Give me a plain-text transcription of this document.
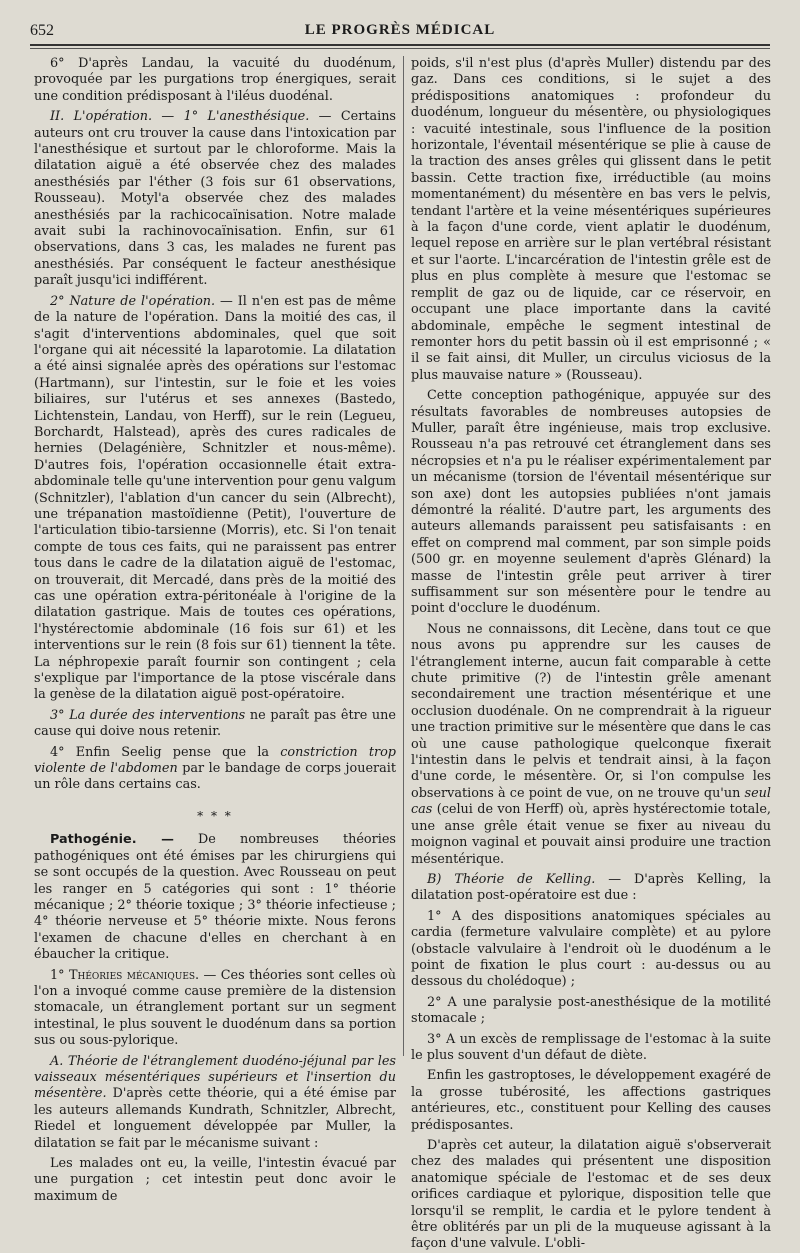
652	LE PROGRÈS MÉDICAL

6° D'après Landau, la vacuité du duodénum, provoquée par les purgations trop énergiques, serait une condition prédisposant à l'iléus duodénal.

II. L'opération. — 1° L'anesthésique. — Certains auteurs ont cru trouver la cause dans l'intoxication par l'anesthésique et surtout par le chloroforme. Mais la dilatation aiguë a été observée chez des malades anesthésiés par l'éther (3 fois sur 61 observations, Rousseau). Motyl'a observée chez des malades anesthésiés par la rachicocaïnisation. Notre malade avait subi la rachinovocaïnisation. Enfin, sur 61 observations, dans 3 cas, les malades ne furent pas anesthésiés. Par conséquent le facteur anesthésique paraît jusqu'ici indifférent.

2° Nature de l'opération. — Il n'en est pas de même de la nature de l'opération. Dans la moitié des cas, il s'agit d'interventions abdominales, quel que soit l'organe qui ait nécessité la laparotomie. La dilatation a été ainsi signalée après des opérations sur l'estomac (Hartmann), sur l'intestin, sur le foie et les voies biliaires, sur l'utérus et ses annexes (Bastedo, Lichtenstein, Landau, von Herff), sur le rein (Legueu, Borchardt, Halstead), après des cures radicales de hernies (Delagénière, Schnitzler et nous-même). D'autres fois, l'opération occasionnelle était extra-abdominale telle qu'une intervention pour genu valgum (Schnitzler), l'ablation d'un cancer du sein (Albrecht), une trépanation mastoïdienne (Petit), l'ouverture de l'articulation tibio-tarsienne (Morris), etc. Si l'on tenait compte de tous ces faits, qui ne paraissent pas entrer tous dans le cadre de la dilatation aiguë de l'estomac, on trouverait, dit Mercadé, dans près de la moitié des cas une opération extra-péritonéale à l'origine de la dilatation gastrique. Mais de toutes ces opérations, l'hystérectomie abdominale (16 fois sur 61) et les interventions sur le rein (8 fois sur 61) tiennent la tête. La néphropexie paraît fournir son contingent ; cela s'explique par l'importance de la ptose viscérale dans la genèse de la dilatation aiguë post-opératoire.

3° La durée des interventions ne paraît pas être une cause qui doive nous retenir.

4° Enfin Seelig pense que la constriction trop violente de l'abdomen par le bandage de corps jouerait un rôle dans certains cas.

* * *

Pathogénie. — De nombreuses théories pathogéniques ont été émises par les chirurgiens qui se sont occupés de la question. Avec Rousseau on peut les ranger en 5 catégories qui sont : 1° théorie mécanique ; 2° théorie toxique ; 3° théorie infectieuse ; 4° théorie nerveuse et 5° théorie mixte. Nous ferons l'examen de chacune d'elles en cherchant à en ébaucher la critique.

1° Théories mécaniques. — Ces théories sont celles où l'on a invoqué comme cause première de la distension stomacale, un étranglement portant sur un segment intestinal, le plus souvent le duodénum dans sa portion sus ou sous-pylorique.

A. Théorie de l'étranglement duodéno-jéjunal par les vaisseaux mésentériques supérieurs et l'insertion du mésentère. D'après cette théorie, qui a été émise par les auteurs allemands Kundrath, Schnitzler, Albrecht, Riedel et longuement développée par Muller, la dilatation se fait par le mécanisme suivant :

Les malades ont eu, la veille, l'intestin évacué par une purgation ; cet intestin peut donc avoir le maximum de

poids, s'il n'est plus (d'après Muller) distendu par des gaz. Dans ces conditions, si le sujet a des prédispositions anatomiques : profondeur du duodénum, longueur du mésentère, ou physiologiques : vacuité intestinale, sous l'influence de la position horizontale, l'éventail mésentérique se plie à cause de la traction des anses grêles qui glissent dans le petit bassin. Cette traction fixe, irréductible (au moins momentanément) du mésentère en bas vers le pelvis, tendant l'artère et la veine mésentériques supérieures à la façon d'une corde, vient aplatir le duodénum, lequel repose en arrière sur le plan vertébral résistant et sur l'aorte. L'incarcération de l'intestin grêle est de plus en plus complète à mesure que l'estomac se remplit de gaz ou de liquide, car ce réservoir, en occupant une place importante dans la cavité abdominale, empêche le segment intestinal de remonter hors du petit bassin où il est emprisonné ; « il se fait ainsi, dit Muller, un circulus viciosus de la plus mauvaise nature » (Rousseau).

Cette conception pathogénique, appuyée sur des résultats favorables de nombreuses autopsies de Muller, paraît être ingénieuse, mais trop exclusive. Rousseau n'a pas retrouvé cet étranglement dans ses nécropsies et n'a pu le réaliser expérimentalement par un mécanisme (torsion de l'éventail mésentérique sur son axe) dont les autopsies publiées n'ont jamais démontré la réalité. D'autre part, les arguments des auteurs allemands paraissent peu satisfaisants : en effet on comprend mal comment, par son simple poids (500 gr. en moyenne seulement d'après Glénard) la masse de l'intestin grêle peut arriver à tirer suffisamment sur son mésentère pour le tendre au point d'occlure le duodénum.

Nous ne connaissons, dit Lecène, dans tout ce que nous avons pu apprendre sur les causes de l'étranglement interne, aucun fait comparable à cette chute primitive (?) de l'intestin grêle amenant secondairement une traction mésentérique et une occlusion duodénale. On ne comprendrait à la rigueur une traction primitive sur le mésentère que dans le cas où une cause pathologique quelconque fixerait l'intestin dans le pelvis et tendrait ainsi, à la façon d'une corde, le mésentère. Or, si l'on compulse les observations à ce point de vue, on ne trouve qu'un seul cas (celui de von Herff) où, après hystérectomie totale, une anse grêle était venue se fixer au niveau du moignon vaginal et pouvait ainsi produire une traction mésentérique.

B) Théorie de Kelling. — D'après Kelling, la dilatation post-opératoire est due :

1° A des dispositions anatomiques spéciales au cardia (fermeture valvulaire complète) et au pylore (obstacle valvulaire à l'endroit où le duodénum a le point de fixation le plus court : au-dessus ou au dessous du cholédoque) ;

2° A une paralysie post-anesthésique de la motilité stomacale ;

3° A un excès de remplissage de l'estomac à la suite le plus souvent d'un défaut de diète.

Enfin les gastroptoses, le développement exagéré de la grosse tubérosité, les affections gastriques antérieures, etc., constituent pour Kelling des causes prédisposantes.

D'après cet auteur, la dilatation aiguë s'observerait chez des malades qui présentent une disposition anatomique spéciale de l'estomac et de ses deux orifices cardiaque et pylorique, disposition telle que lorsqu'il se remplit, le cardia et le pylore tendent à être oblitérés par un pli de la muqueuse agissant à la façon d'une valvule. L'obli-
